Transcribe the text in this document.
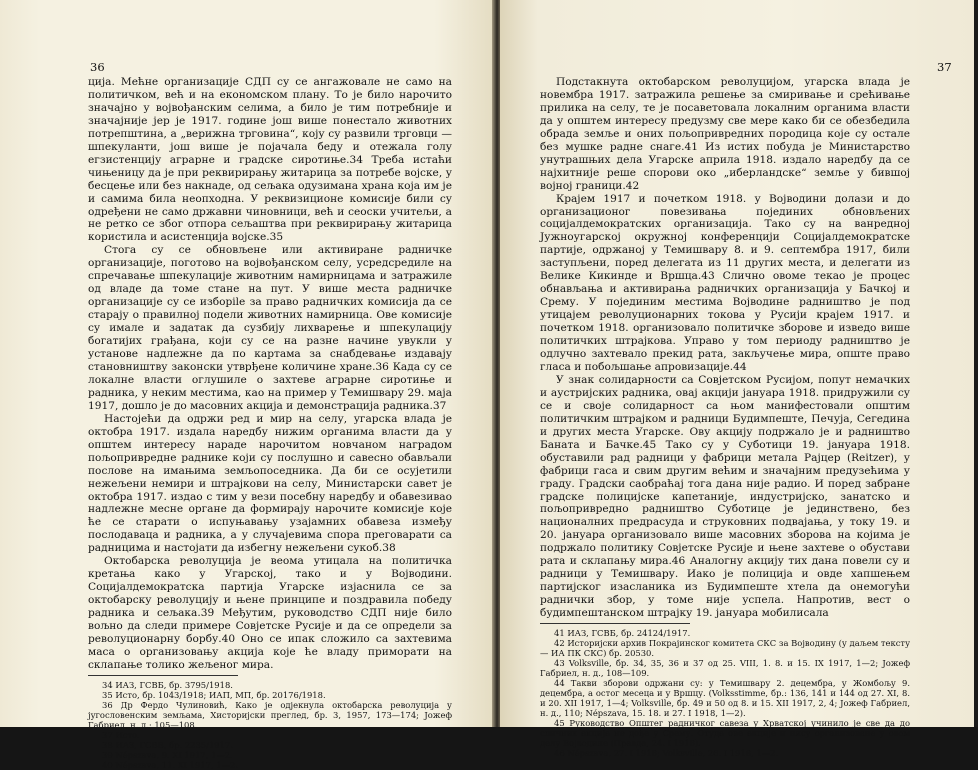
36

ција. Мећне организације СДП су се ангажовале не само на политичком, већ и на економском плану. То је било нарочито значајно у војвођанским селима, а било је тим потребније и значајније јер је 1917. године још више понестало животних потрепштина, а „верижна трговина“, коју су развили трговци — шпекуланти, још више је појачала беду и отежала голу егзистенцију аграрне и градске сиротиње.34 Треба истаћи чињеницу да је при реквирирању житарица за потребе војске, у бесцење или без накнаде, од сељака одузимана храна која им је и самима била неопходна. У реквизиционе комисије били су одређени не само државни чиновници, већ и сеоски учитељи, а не ретко се због отпора сељаштва при реквирирању житарица користила и асистенција војске.35

Стога су се обновљене или активиране радничке организације, поготово на војвођанском селу, усредсредиле на спречавање шпекулације животним намирницама и затражиле од владе да томе стане на пут. У више места радничке организације су се изборile за право радничких комисија да се старају о правилној подели животних намирница. Ове комисије су имале и задатак да сузбију лихварење и шпекулацију богатијих грађана, који су се на разне начине увукли у установе надлежне да по картама за снабдевање издавају становништву законски утврђене количине хране.36 Када су се локалне власти оглушиле о захтеве аграрне сиротиње и радника, у неким местима, као на пример у Темишвару 29. маја 1917, дошло је до масовних акција и демонстрација радника.37

Настојећи да одржи ред и мир на селу, угарска влада је октобра 1917. издала наредбу нижим органима власти да у општем интересу нараде нарочитом новчаном наградом пољопривредне раднике који су послушно и савесно обављали послове на имањима земљопоседника. Да би се осујетили нежељени немири и штрајкови на селу, Министарски савет је октобра 1917. издао с тим у вези посебну наредбу и обавезивао надлежне месне органе да формирају нарочите комисије које ће се старати о испуњавању узајамних обавеза између послодаваца и радника, а у случајевима спора преговарати са радницима и настојати да избегну нежељени сукоб.38

Октобарска револуција је веома утицала на политичка кретања како у Угарској, тако и у Војводини. Социјалдемократска партија Угарске изјаснила се за октобарску револуцију и њене принципе и поздравила победу радника и сељака.39 Међутим, руководство СДП није било вољно да следи примере Совјетске Русије и да се определи за револуционарну борбу.40 Оно се ипак сложило са захтевима маса о организовању акција које ће владу приморати на склапање толико жељеног мира.

34 ИАЗ, ГСВБ, бр. 3795/1918.

35 Исто, бр. 1043/1918; ИАП, МП, бр. 20176/1918.

36 Др Фердо Чулиновић, Како је одјекнула октобарска револуција у југословенским земљама, Хисторијски преглед, бр. 3, 1957, 173—174; Јожеф Габриел, н. д.; 105—108.

37 Исто.

38 ИАЗ, ГСВБ, бр. 2235/1917.

39 Népszava, 9. XI 1917, 1—2.

40 Népszava, 11. XI 1917, 1—2.

37

Подстакнута октобарском револуцијом, угарска влада је новембра 1917. затражила решење за смиривање и срећивање прилика на селу, те је посаветовала локалним органима власти да у општем интересу предузму све мере како би се обезбедила обрада земље и оних пољопривредних породица које су остале без мушке радне снаге.41 Из истих побуда је Министарство унутрашњих дела Угарске априла 1918. издало наредбу да се најхитније реше спорови око „иберландске“ земље у бившој војној граници.42

Крајем 1917 и почетком 1918. у Војводини долази и до организационог повезивања појединих обновљених социјалдемократских организација. Тако су на ванредној Јужноугарској окружној конференцији Социјалдемократске партије, одржаној у Темишвару 8. и 9. септембра 1917, били заступљени, поред делегата из 11 других места, и делегати из Велике Кикинде и Вршца.43 Слично овоме текао је процес обнављања и активирања радничких организација у Бачкој и Срему. У појединим местима Војводине радништво је под утицајем револуционарних токова у Русији крајем 1917. и почетком 1918. организовало политичке зборове и изведо више политичких штрајкова. Управо у том периоду радништво је одлучно захтевало прекид рата, закључење мира, опште право гласа и побољшање апровизације.44

У знак солидарности са Совјетском Русијом, попут немачких и аустријских радника, овај акцији јануара 1918. придружили су се и својe солидарност са њом манифестовали општим политичким штрајком и радници Будимпеште, Печуја, Сегедина и других места Угарске. Ову акцију подржало је и радништво Баната и Бачке.45 Тако су у Суботици 19. јануара 1918. обуставили рад радници у фабрици метала Рајцер (Reitzer), у фабрици гаса и свим другим већим и значајним предузећима у граду. Градски саобраћај тога дана није радио. И поред забране градске полицијске капетаније, индустријско, занатско и пољопривредно радништво Суботице је јединствено, без националних предрасуда и струковних подвајања, у току 19. и 20. јануара организовало више масовних зборова на којима је подржало политику Совјетске Русије и њене захтеве о обустави рата и склапању мира.46 Аналогну акцију тих дана повели су и радници у Темишвару. Иако је полиција и овде хапшењем партијског изасланика из Будимпеште хтела да онемогући раднички збор, у томе није успела. Напротив, вест о будимпештанском штрајку 19. јануара мобилисала

41 ИАЗ, ГСВБ, бр. 24124/1917.

42 Историјски архив Покрајинског комитета СКС за Војводину (у даљем тексту — ИА ПК СКС) бр. 20530.

43 Volksville, бр. 34, 35, 36 и 37 од 25. VIII, 1. 8. и 15. IX 1917, 1—2; Јожеф Габриел, н. д., 108—109.

44 Такви зборови одржани су: у Темишвару 2. децембра, у Жомбољу 9. децембра, а остог месеца и у Вршцу. (Volksstimme, бр.: 136, 141 и 144 од 27. XI, 8. и 20. XII 1917, 1—4; Volksville, бр. 49 и 50 од 8. и 15. XII 1917, 2, 4; Јожеф Габриел, н. д., 110; Népszava, 15. 18. и 27. I 1918, 1—2).

45 Руководство Општег радничког савеза у Хрватској учинило је све да до сличних акција не дође у Срему. Отуда ове акције и нису организоване у овом делу Војводине (Правда, 24. I 1918).

46 Népszava, 27. I 1918; Volksville, 26. I 1918, 1—2.
